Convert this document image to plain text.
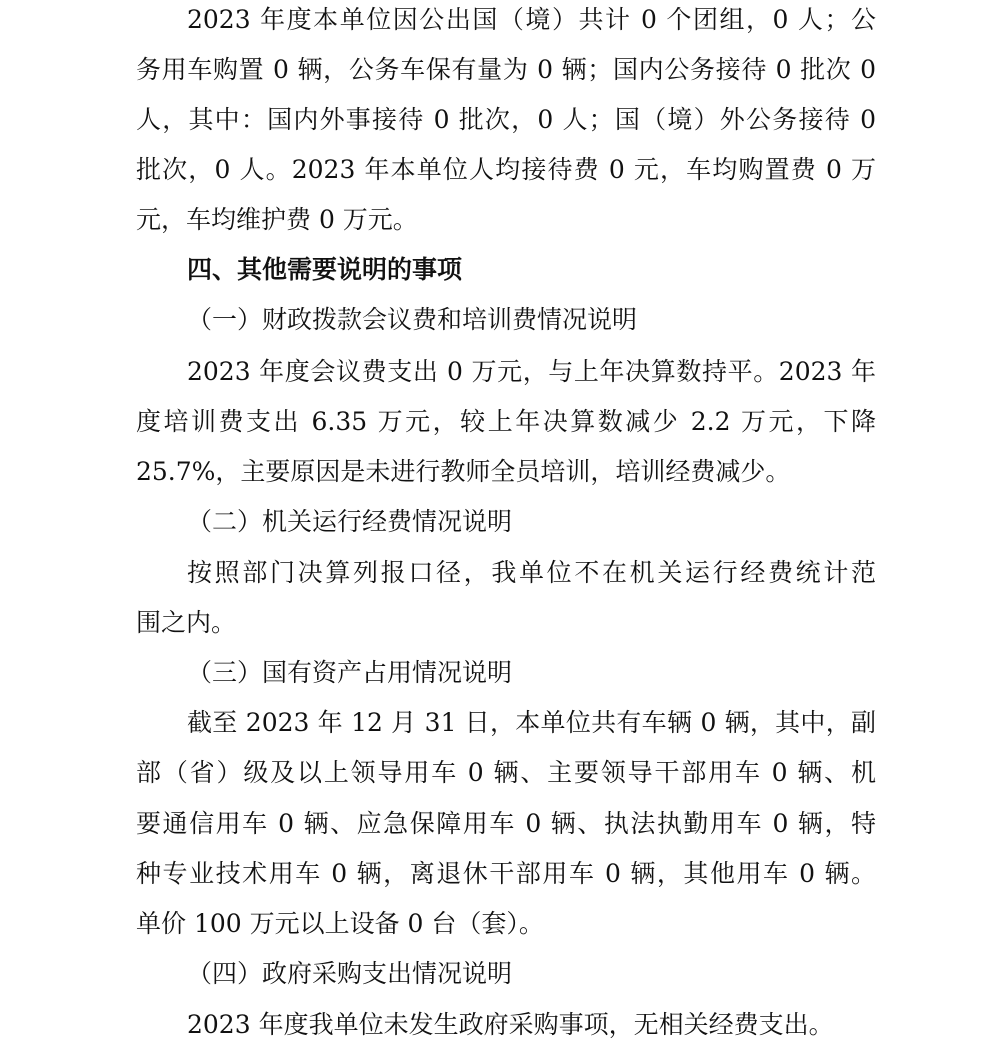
2023 年度本单位因公出国（境）共计 0 个团组，0 人；公
务用车购置 0 辆，公务车保有量为 0 辆；国内公务接待 0 批次 0
人，其中：国内外事接待 0 批次，0 人；国（境）外公务接待 0
批次，0 人。2023 年本单位人均接待费 0 元，车均购置费 0 万
元，车均维护费 0 万元。
四、其他需要说明的事项
（一）财政拨款会议费和培训费情况说明
2023 年度会议费支出 0 万元，与上年决算数持平。2023 年
度培训费支出 6.35 万元，较上年决算数减少 2.2 万元，下降
25.7%，主要原因是未进行教师全员培训，培训经费减少。
（二）机关运行经费情况说明
按照部门决算列报口径，我单位不在机关运行经费统计范
围之内。
（三）国有资产占用情况说明
截至 2023 年 12 月 31 日，本单位共有车辆 0 辆，其中，副
部（省）级及以上领导用车 0 辆、主要领导干部用车 0 辆、机
要通信用车 0 辆、应急保障用车 0 辆、执法执勤用车 0 辆，特
种专业技术用车 0 辆，离退休干部用车 0 辆，其他用车 0 辆。
单价 100 万元以上设备 0 台（套）。
（四）政府采购支出情况说明
2023 年度我单位未发生政府采购事项，无相关经费支出。
